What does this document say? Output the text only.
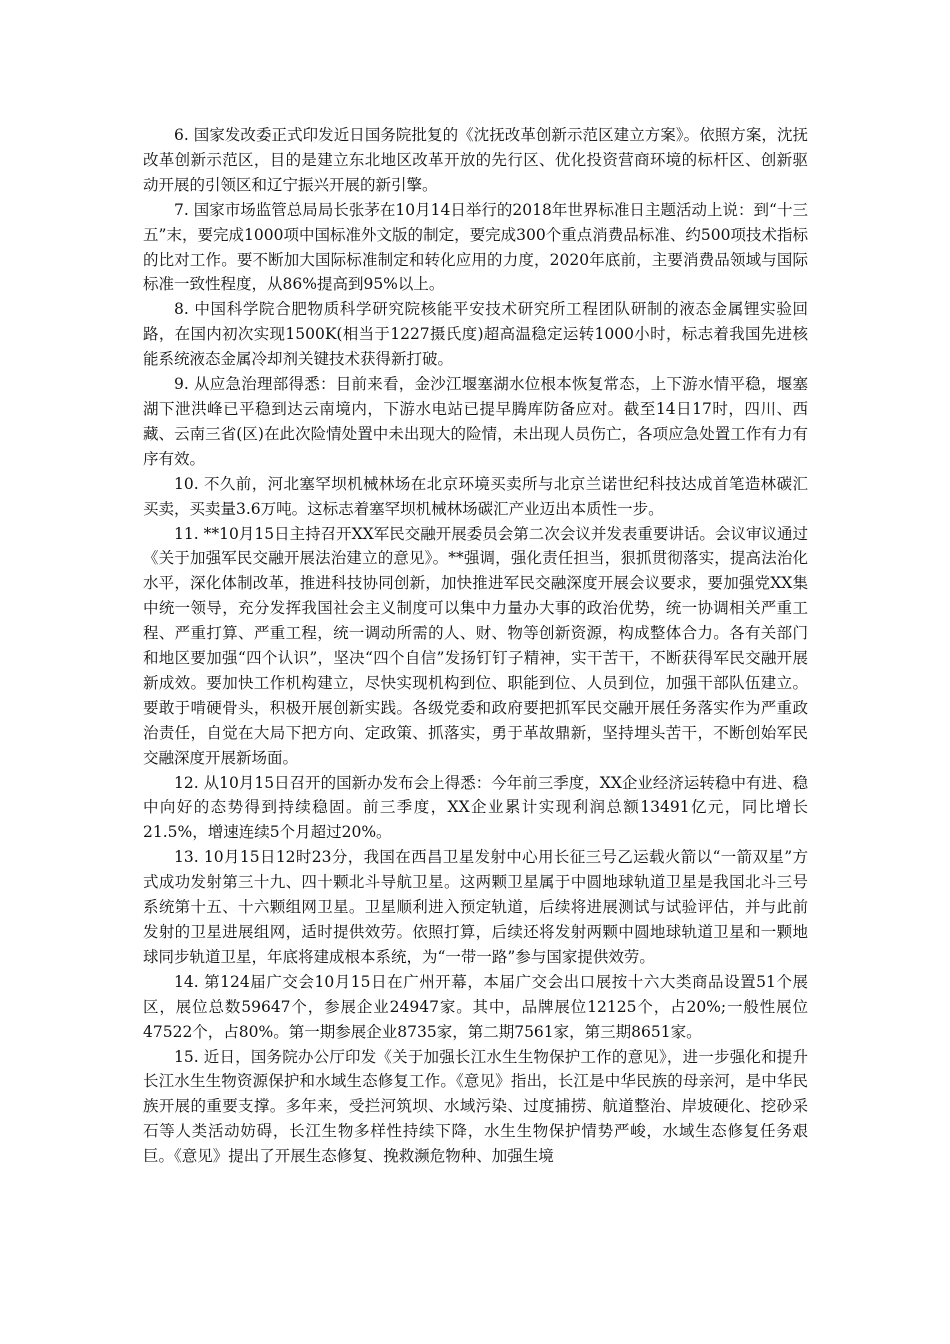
6. 国家发改委正式印发近日国务院批复的《沈抚改革创新示范区建立方案》。依照方案，沈抚改革创新示范区，目的是建立东北地区改革开放的先行区、优化投资营商环境的标杆区、创新驱动开展的引领区和辽宁振兴开展的新引擎。

7. 国家市场监管总局局长张茅在10月14日举行的2018年世界标准日主题活动上说：到“十三五”末，要完成1000项中国标准外文版的制定，要完成300个重点消费品标准、约500项技术指标的比对工作。要不断加大国际标准制定和转化应用的力度，2020年底前，主要消费品领域与国际标准一致性程度，从86%提高到95%以上。

8. 中国科学院合肥物质科学研究院核能平安技术研究所工程团队研制的液态金属锂实验回路，在国内初次实现1500K(相当于1227摄氏度)超高温稳定运转1000小时，标志着我国先进核能系统液态金属冷却剂关键技术获得新打破。

9. 从应急治理部得悉：目前来看，金沙江堰塞湖水位根本恢复常态，上下游水情平稳，堰塞湖下泄洪峰已平稳到达云南境内，下游水电站已提早腾库防备应对。截至14日17时，四川、西藏、云南三省(区)在此次险情处置中未出现大的险情，未出现人员伤亡，各项应急处置工作有力有序有效。

10. 不久前，河北塞罕坝机械林场在北京环境买卖所与北京兰诺世纪科技达成首笔造林碳汇买卖，买卖量3.6万吨。这标志着塞罕坝机械林场碳汇产业迈出本质性一步。

11. **10月15日主持召开XX军民交融开展委员会第二次会议并发表重要讲话。会议审议通过《关于加强军民交融开展法治建立的意见》。**强调，强化责任担当，狠抓贯彻落实，提高法治化水平，深化体制改革，推进科技协同创新，加快推进军民交融深度开展会议要求，要加强党XX集中统一领导，充分发挥我国社会主义制度可以集中力量办大事的政治优势，统一协调相关严重工程、严重打算、严重工程，统一调动所需的人、财、物等创新资源，构成整体合力。各有关部门和地区要加强“四个认识”，坚决“四个自信”发扬钉钉子精神，实干苦干，不断获得军民交融开展新成效。要加快工作机构建立，尽快实现机构到位、职能到位、人员到位，加强干部队伍建立。要敢于啃硬骨头，积极开展创新实践。各级党委和政府要把抓军民交融开展任务落实作为严重政治责任，自觉在大局下把方向、定政策、抓落实，勇于革故鼎新，坚持埋头苦干，不断创始军民交融深度开展新场面。

12. 从10月15日召开的国新办发布会上得悉：今年前三季度，XX企业经济运转稳中有进、稳中向好的态势得到持续稳固。前三季度，XX企业累计实现利润总额13491亿元，同比增长21.5%，增速连续5个月超过20%。

13. 10月15日12时23分，我国在西昌卫星发射中心用长征三号乙运载火箭以“一箭双星”方式成功发射第三十九、四十颗北斗导航卫星。这两颗卫星属于中圆地球轨道卫星是我国北斗三号系统第十五、十六颗组网卫星。卫星顺利进入预定轨道，后续将进展测试与试验评估，并与此前发射的卫星进展组网，适时提供效劳。依照打算，后续还将发射两颗中圆地球轨道卫星和一颗地球同步轨道卫星，年底将建成根本系统，为“一带一路”参与国家提供效劳。

14. 第124届广交会10月15日在广州开幕，本届广交会出口展按十六大类商品设置51个展区，展位总数59647个，参展企业24947家。其中，品牌展位12125个，占20%;一般性展位47522个，占80%。第一期参展企业8735家，第二期7561家，第三期8651家。

15. 近日，国务院办公厅印发《关于加强长江水生生物保护工作的意见》，进一步强化和提升长江水生生物资源保护和水域生态修复工作。《意见》指出，长江是中华民族的母亲河，是中华民族开展的重要支撑。多年来，受拦河筑坝、水域污染、过度捕捞、航道整治、岸坡硬化、挖砂采石等人类活动妨碍，长江生物多样性持续下降，水生生物保护情势严峻，水域生态修复任务艰巨。《意见》提出了开展生态修复、挽救濒危物种、加强生境
